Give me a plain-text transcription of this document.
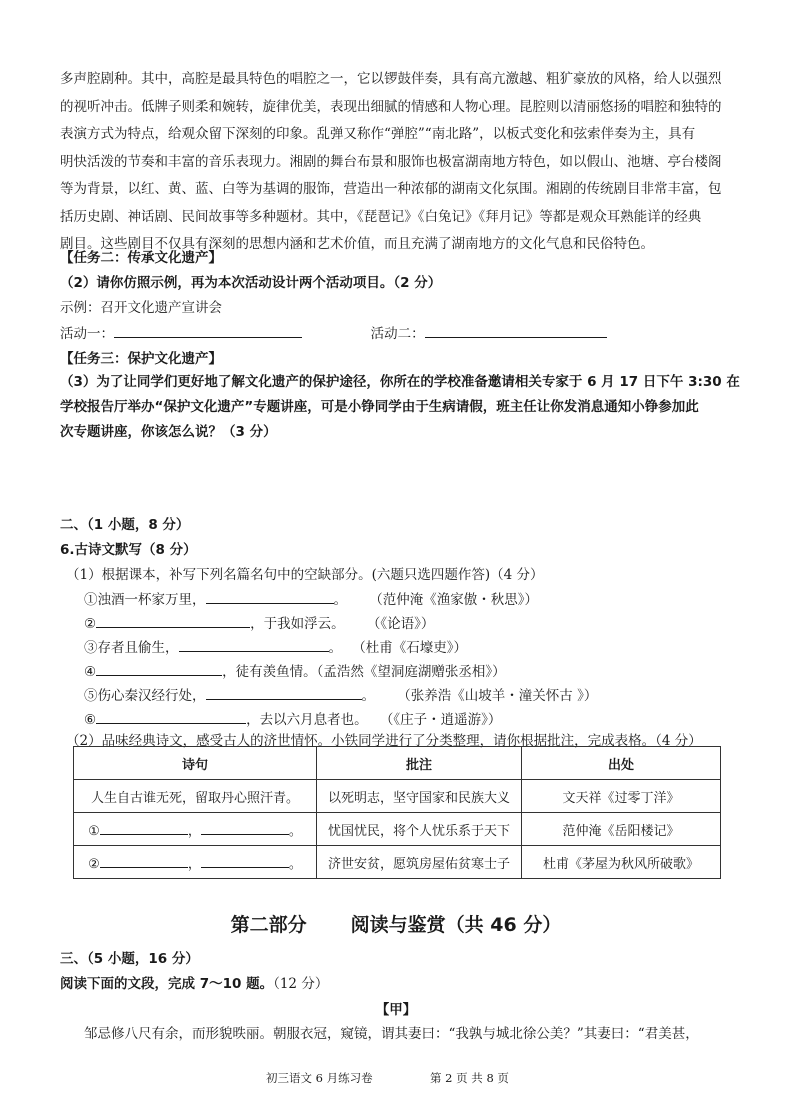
多声腔剧种。其中，高腔是最具特色的唱腔之一，它以锣鼓伴奏，具有高亢激越、粗犷豪放的风格，给人以强烈
的视听冲击。低牌子则柔和婉转，旋律优美，表现出细腻的情感和人物心理。昆腔则以清丽悠扬的唱腔和独特的
表演方式为特点，给观众留下深刻的印象。乱弹又称作“弹腔”“南北路”，以板式变化和弦索伴奏为主，具有
明快活泼的节奏和丰富的音乐表现力。湘剧的舞台布景和服饰也极富湖南地方特色，如以假山、池塘、亭台楼阁
等为背景，以红、黄、蓝、白等为基调的服饰，营造出一种浓郁的湖南文化氛围。湘剧的传统剧目非常丰富，包
括历史剧、神话剧、民间故事等多种题材。其中，《琵琶记》《白兔记》《拜月记》等都是观众耳熟能详的经典
剧目。这些剧目不仅具有深刻的思想内涵和艺术价值，而且充满了湖南地方的文化气息和民俗特色。
【任务二：传承文化遗产】
（2）请你仿照示例，再为本次活动设计两个活动项目。（2 分）
示例：召开文化遗产宣讲会
活动一：	活动二：
【任务三：保护文化遗产】
（3）为了让同学们更好地了解文化遗产的保护途径，你所在的学校准备邀请相关专家于 6 月 17 日下午 3:30 在
学校报告厅举办“保护文化遗产”专题讲座，可是小铮同学由于生病请假，班主任让你发消息通知小铮参加此
次专题讲座，你该怎么说？（3 分）
二、（1 小题，8 分）
6.古诗文默写（8 分）
（1）根据课本，补写下列名篇名句中的空缺部分。(六题只选四题作答)（4 分）
①浊酒一杯家万里，	。 （范仲淹《渔家傲・秋思》）
②	，于我如浮云。 （《论语》）
③存者且偷生，	。 （杜甫《石壕吏》）
④	，徒有羡鱼情。（孟浩然《望洞庭湖赠张丞相》）
⑤伤心秦汉经行处，	。 （张养浩《山坡羊・潼关怀古 》）
⑥	，去以六月息者也。 （《庄子・逍遥游》）
（2）品味经典诗文，感受古人的济世情怀。小铁同学进行了分类整理，请你根据批注，完成表格。（4 分）
诗句	批注	出处
人生自古谁无死，留取丹心照汗青。	以死明志，坚守国家和民族大义	文天祥《过零丁洋》
① ， 。	忧国忧民，将个人忧乐系于天下	范仲淹《岳阳楼记》
② ， 。	济世安贫，愿筑房屋佑贫寒士子	杜甫《茅屋为秋风所破歌》
第二部分 阅读与鉴赏（共 46 分）
三、（5 小题，16 分）
阅读下面的文段，完成 7～10 题。（12 分）
【甲】
邹忌修八尺有余，而形貌昳丽。朝服衣冠，窥镜，谓其妻曰：“我孰与城北徐公美？”其妻曰：“君美甚，
初三语文 6 月练习卷	第 2 页 共 8 页
